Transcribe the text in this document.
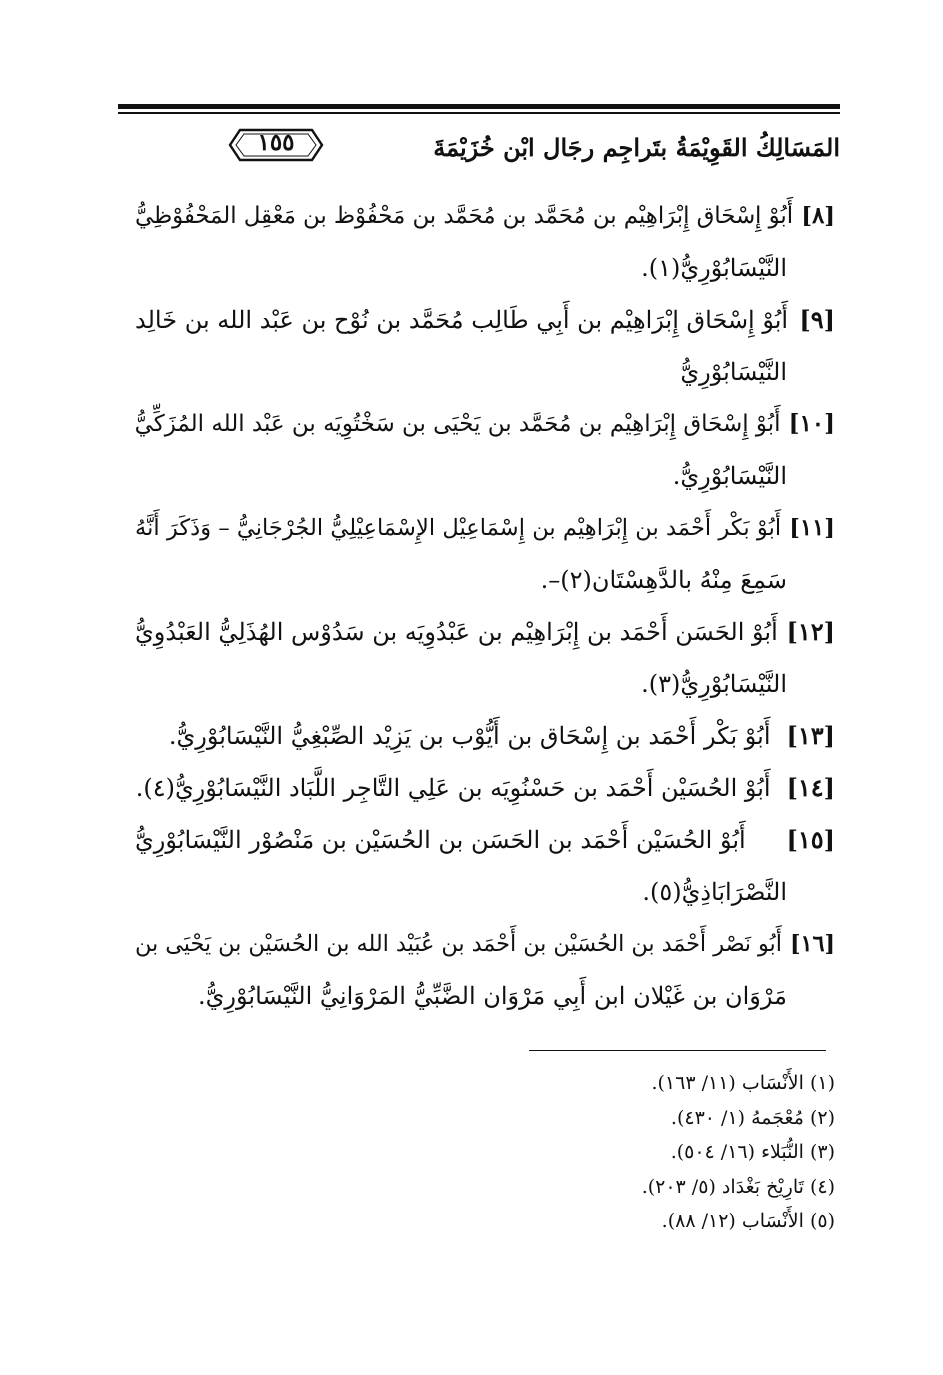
المَسَالِكُ القَوِيْمَةُ بتَراجِم رجَال ابْن خُزَيْمَةَ
١٥٥
[٨]
أَبُوْ إِسْحَاق إِبْرَاهِيْم بن مُحَمَّد بن مُحَمَّد بن مَحْفُوْظ بن مَعْقِل المَحْفُوْظِيُّ
النَّيْسَابُوْرِيُّ(١).
[٩]
أَبُوْ إِسْحَاق إِبْرَاهِيْم بن أَبِي طَالِب مُحَمَّد بن نُوْح بن عَبْد الله بن خَالِد
النَّيْسَابُوْرِيُّ
[١٠]
أَبُوْ إِسْحَاق إِبْرَاهِيْم بن مُحَمَّد بن يَحْيَى بن سَخْتُوِيَه بن عَبْد الله المُزَكِّيُّ
النَّيْسَابُوْرِيُّ.
[١١]
أَبُوْ بَكْر أَحْمَد بن إِبْرَاهِيْم بن إِسْمَاعِيْل الإِسْمَاعِيْلِيُّ الجُرْجَانِيُّ – وَذَكَرَ أَنَّهُ
سَمِعَ مِنْهُ بالدَّهِسْتَان(٢)–.
[١٢]
أَبُوْ الحَسَن أَحْمَد بن إِبْرَاهِيْم بن عَبْدُوِيَه بن سَدُوْس الهُذَلِيُّ العَبْدُوِيُّ
النَّيْسَابُوْرِيُّ(٣).
[١٣]
أَبُوْ بَكْر أَحْمَد بن إِسْحَاق بن أَيُّوْب بن يَزِيْد الصِّبْغِيُّ النَّيْسَابُوْرِيُّ.
[١٤]
أَبُوْ الحُسَيْن أَحْمَد بن حَسْنُوِيَه بن عَلِي التَّاجِر اللَّبَاد النَّيْسَابُوْرِيُّ(٤).
[١٥]
أَبُوْ الحُسَيْن أَحْمَد بن الحَسَن بن الحُسَيْن بن مَنْصُوْر النَّيْسَابُوْرِيُّ
النَّصْرَابَاذِيُّ(٥).
[١٦]
أَبُو نَصْر أَحْمَد بن الحُسَيْن بن أَحْمَد بن عُبَيْد الله بن الحُسَيْن بن يَحْيَى بن
مَرْوَان بن غَيْلان ابن أَبِي مَرْوَان الضَّبِّيُّ المَرْوَانِيُّ النَّيْسَابُوْرِيُّ.
(١) الأَنْسَاب (١١/ ١٦٣).
(٢) مُعْجَمهُ (١/ ٤٣٠).
(٣) النُّبَلاء (١٦/ ٥٠٤).
(٤) تَارِيْخ بَغْدَاد (٥/ ٢٠٣).
(٥) الأَنْسَاب (١٢/ ٨٨).
